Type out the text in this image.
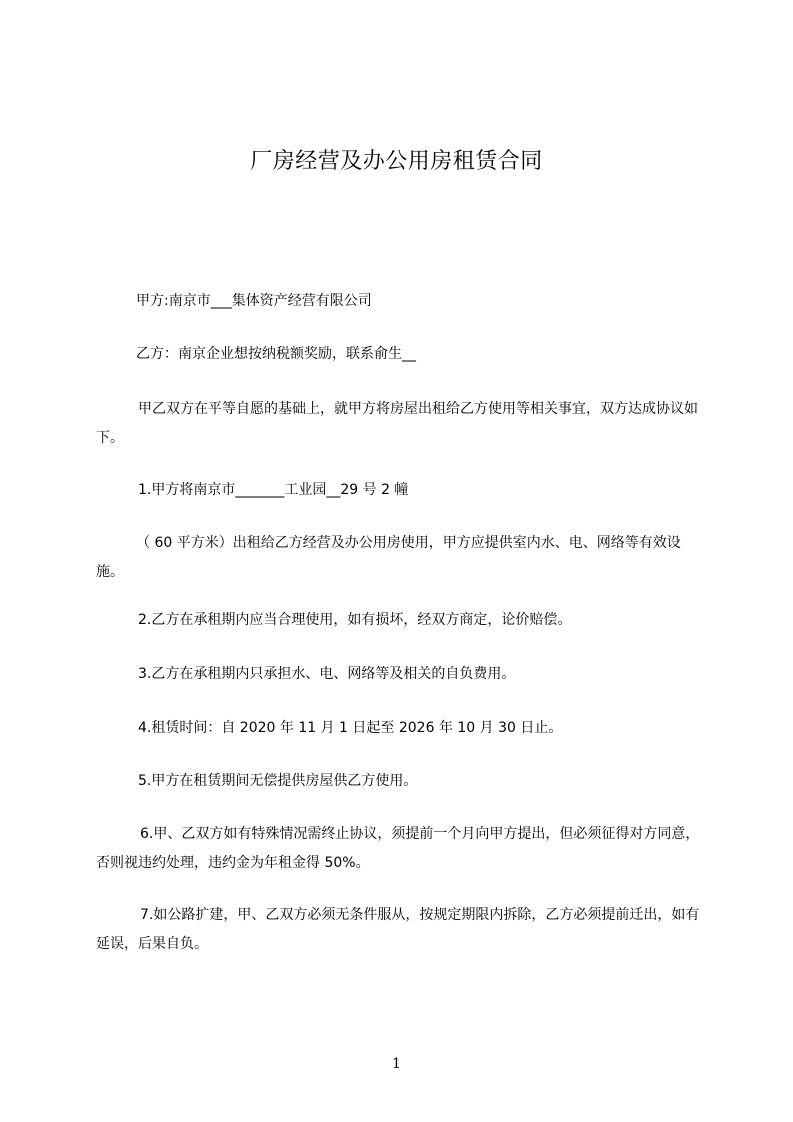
厂房经营及办公用房租赁合同
甲方:南京市___集体资产经营有限公司
乙方：南京企业想按纳税额奖励，联系俞生__
甲乙双方在平等自愿的基础上，就甲方将房屋出租给乙方使用等相关事宜，双方达成协议如下。
1.甲方将南京市_______工业园__29 号 2 幢
（ 60 平方米）出租给乙方经营及办公用房使用，甲方应提供室内水、电、网络等有效设施。
2.乙方在承租期内应当合理使用，如有损坏，经双方商定，论价赔偿。
3.乙方在承租期内只承担水、电、网络等及相关的自负费用。
4.租赁时间：自 2020 年 11 月 1 日起至 2026 年 10 月 30 日止。
5.甲方在租赁期间无偿提供房屋供乙方使用。
6.甲、乙双方如有特殊情况需终止协议，须提前一个月向甲方提出，但必须征得对方同意，否则视违约处理，违约金为年租金得 50%。
7.如公路扩建，甲、乙双方必须无条件服从，按规定期限内拆除，乙方必须提前迁出，如有延误，后果自负。
1
